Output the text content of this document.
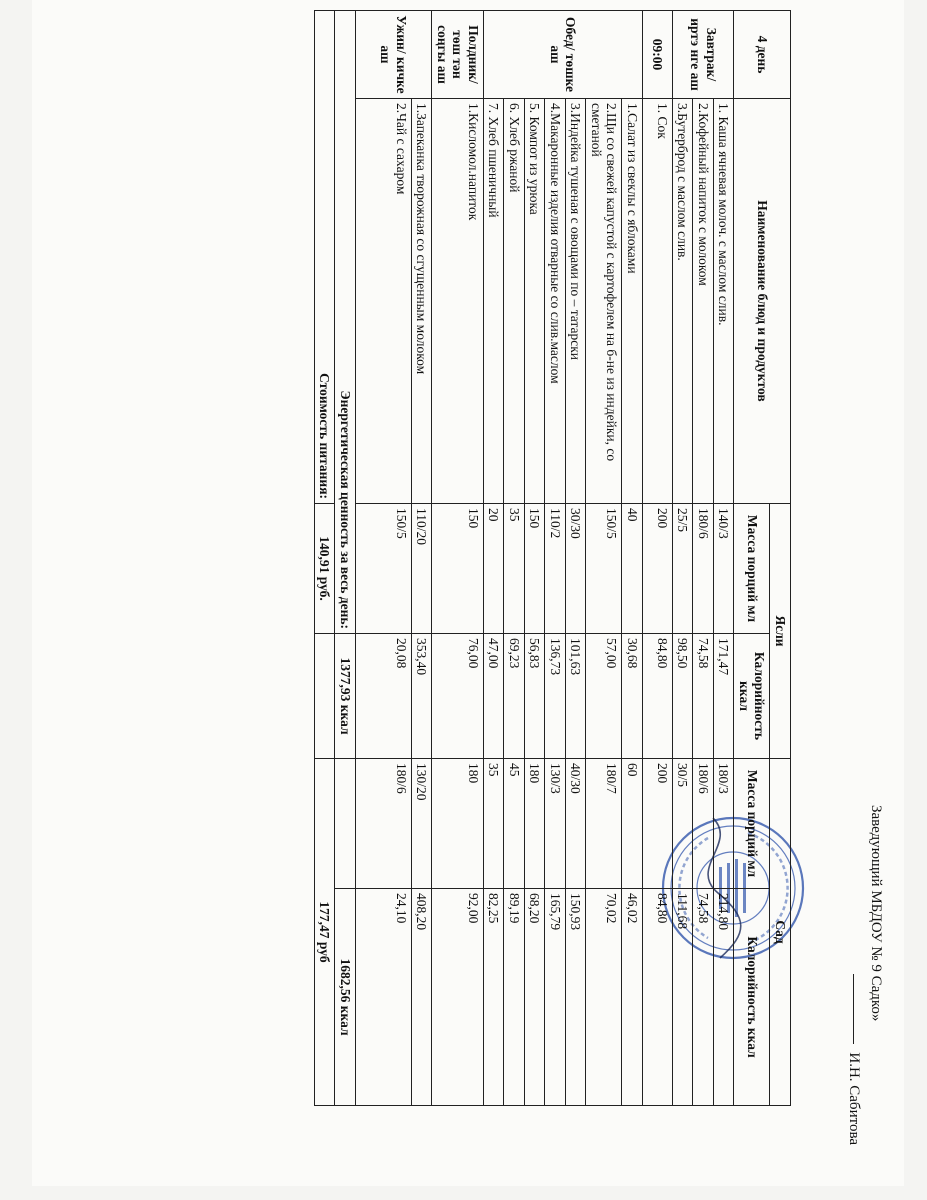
Заведующий МБДОУ № 9 Садко»
И.Н. Сабитова
4 день	Наименование блюд и продуктов	Ясли		Сад	
		Масса порций мл	Калорийность ккал	Масса порций мл	Калорийность ккал
Завтрак/иртэ нге аш	1. Каша ячневая молоч. с маслом слив.	140/3	171,47	180/3	214,80
	2.Кофейный напиток с молоком	180/6	74,58	180/6	74,58
	3.Бутерброд с маслом слив.	25/5	98,50	30/5	111,68
09:00	1. Сок	200	84,80	200	84,80
Обед/ төшке аш	1.Салат из свеклы с яблоками	40	30,68	60	46,02
	2.Щи со свежей капустой с картофелем на б-не из индейки, со сметаной	150/5	57,00	180/7	70,02
	3.Индейка тушеная с овощами по – татарски	30/30	101,63	40/30	150,93
	4.Макаронные изделия отварные со слив.маслом	110/2	136,73	130/3	165,79
	5. Компот из урюка	150	56,83	180	68,20
	6. Хлеб ржаной	35	69,23	45	89,19
	7. Хлеб пшеничный	20	47,00	35	82,25
Полдник/төш тән соңгы аш	1.Кисломол.напиток	150	76,00	180	92,00
Ужин/ кичке аш	1.Запеканка творожная со сгущенным молоком	110/20	353,40	130/20	408,20
	2.Чай с сахаром	150/5	20,08	180/6	24,10
Энергетическая ценность за весь день:			1377,93 ккал		1682,56 ккал
Стоимость питания:		140,91 руб.		177,47 руб	
